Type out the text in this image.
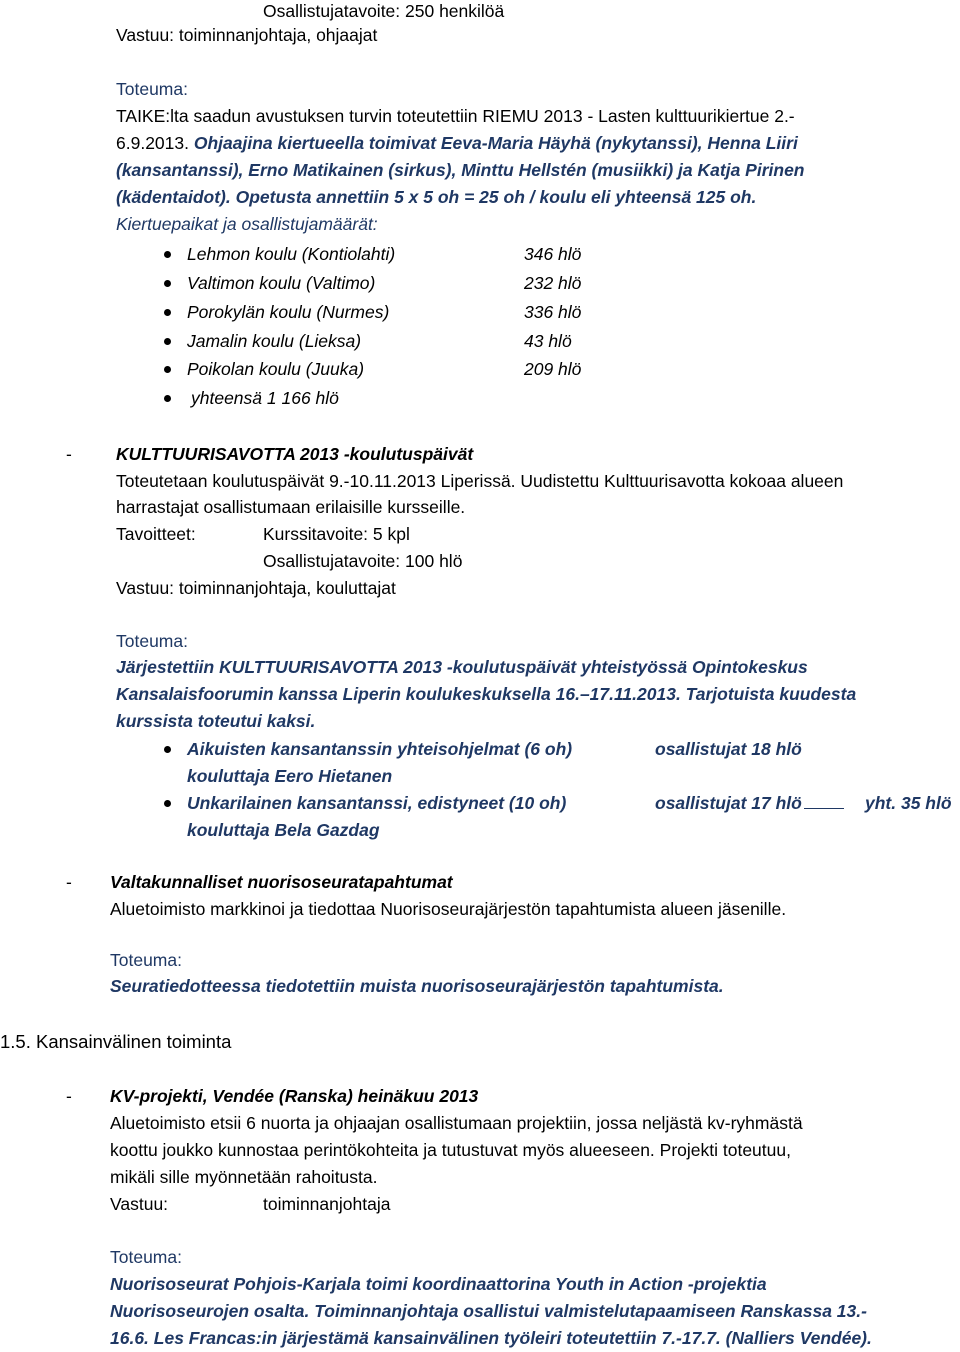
Osallistujatavoite: 250 henkilöä
Vastuu: toiminnanjohtaja, ohjaajat
Toteuma:
TAIKE:lta saadun avustuksen turvin toteutettiin RIEMU 2013 - Lasten kulttuurikiertue 2.-
6.9.2013. Ohjaajina kiertueella toimivat Eeva-Maria Häyhä (nykytanssi), Henna Liiri
(kansantanssi), Erno Matikainen (sirkus), Minttu Hellstén (musiikki) ja Katja Pirinen
(kädentaidot). Opetusta annettiin 5 x 5 oh = 25 oh / koulu eli yhteensä 125 oh.
Kiertuepaikat ja osallistujamäärät:
Lehmon koulu (Kontiolahti)	346 hlö
Valtimon koulu (Valtimo)	232 hlö
Porokylän koulu (Nurmes)	336 hlö
Jamalin koulu (Lieksa)	43 hlö
Poikolan koulu (Juuka)	209 hlö
yhteensä 1 166 hlö
-	KULTTUURISAVOTTA 2013 -koulutuspäivät
Toteutetaan koulutuspäivät 9.-10.11.2013 Liperissä. Uudistettu Kulttuurisavotta kokoaa alueen
harrastajat osallistumaan erilaisille kursseille.
Tavoitteet:	Kurssitavoite: 5 kpl
Osallistujatavoite: 100 hlö
Vastuu: toiminnanjohtaja, kouluttajat
Toteuma:
Järjestettiin KULTTUURISAVOTTA 2013 -koulutuspäivät yhteistyössä Opintokeskus
Kansalaisfoorumin kanssa Liperin koulukeskuksella 16.–17.11.2013. Tarjotuista kuudesta
kurssista toteutui kaksi.
Aikuisten kansantanssin yhteisohjelmat (6 oh)	osallistujat 18 hlö
kouluttaja Eero Hietanen
Unkarilainen kansantanssi, edistyneet (10 oh)	osallistujat 17 hlö	yht. 35 hlö
kouluttaja Bela Gazdag
- Valtakunnalliset nuorisoseuratapahtumat
Aluetoimisto markkinoi ja tiedottaa Nuorisoseurajärjestön tapahtumista alueen jäsenille.
Toteuma:
Seuratiedotteessa tiedotettiin muista nuorisoseurajärjestön tapahtumista.
1.5. Kansainvälinen toiminta
- KV-projekti, Vendée (Ranska) heinäkuu 2013
Aluetoimisto etsii 6 nuorta ja ohjaajan osallistumaan projektiin, jossa neljästä kv-ryhmästä
koottu joukko kunnostaa perintökohteita ja tutustuvat myös alueeseen. Projekti toteutuu,
mikäli sille myönnetään rahoitusta.
Vastuu:	toiminnanjohtaja
Toteuma:
Nuorisoseurat Pohjois-Karjala toimi koordinaattorina Youth in Action -projektia
Nuorisoseurojen osalta. Toiminnanjohtaja osallistui valmistelutapaamiseen Ranskassa 13.-
16.6. Les Francas:in järjestämä kansainvälinen työleiri toteutettiin 7.-17.7. (Nalliers Vendée).
